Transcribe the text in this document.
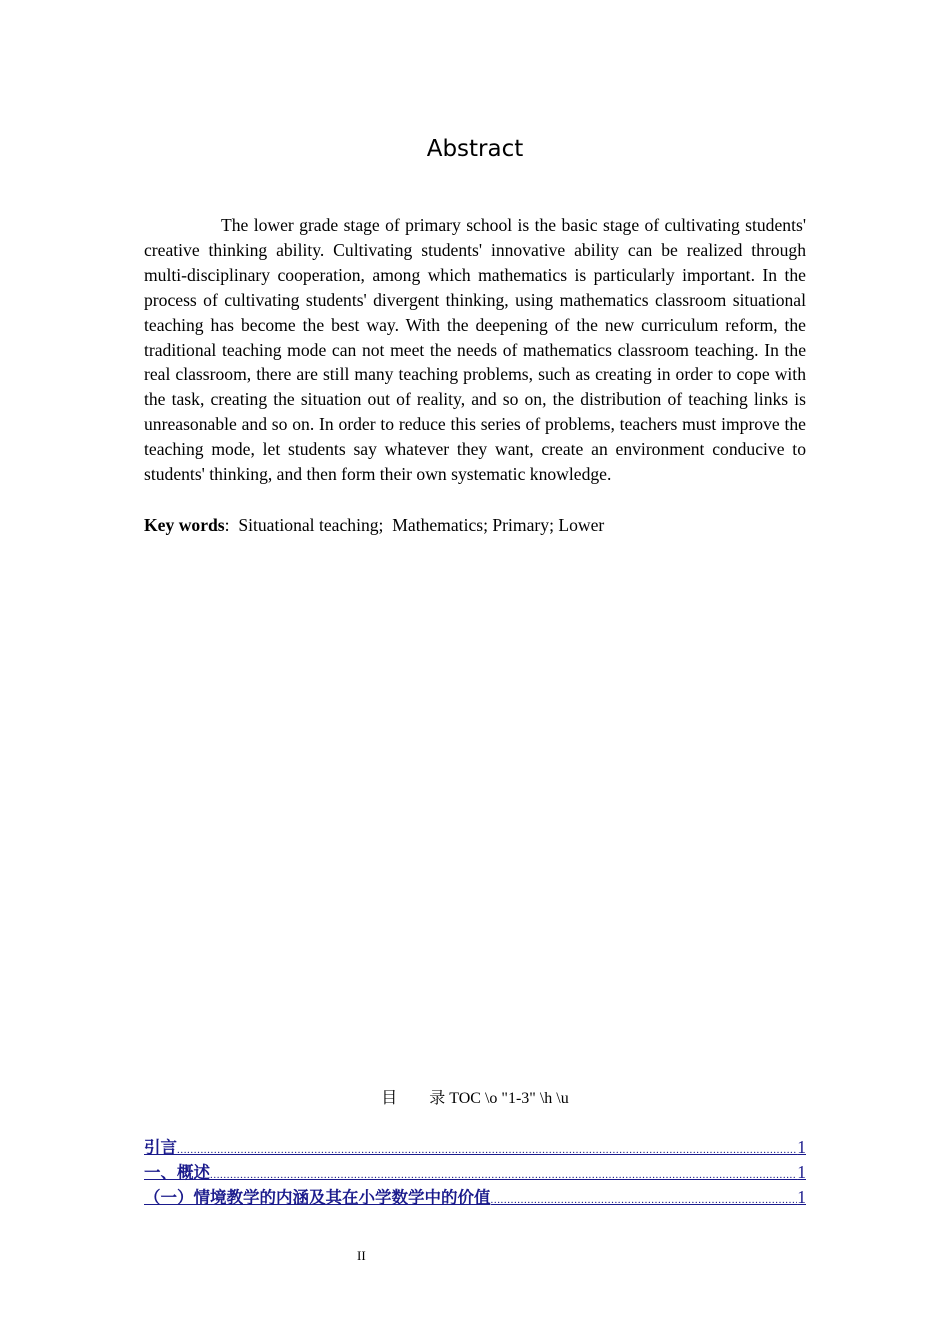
Abstract

The lower grade stage of primary school is the basic stage of cultivating students' creative thinking ability. Cultivating students' innovative ability can be realized through multi-disciplinary cooperation, among which mathematics is particularly important. In the process of cultivating students' divergent thinking, using mathematics classroom situational teaching has become the best way. With the deepening of the new curriculum reform, the traditional teaching mode can not meet the needs of mathematics classroom teaching. In the real classroom, there are still many teaching problems, such as creating in order to cope with the task, creating the situation out of reality, and so on, the distribution of teaching links is unreasonable and so on. In order to reduce this series of problems, teachers must improve the teaching mode, let students say whatever they want, create an environment conducive to students' thinking, and then form their own systematic knowledge.

Key words:  Situational teaching;  Mathematics; Primary; Lower

目        录 TOC \o "1-3" \h \u
引言 .....	1
一、概述 .....	1
（一）情境教学的内涵及其在小学数学中的价值 .....	1
II
